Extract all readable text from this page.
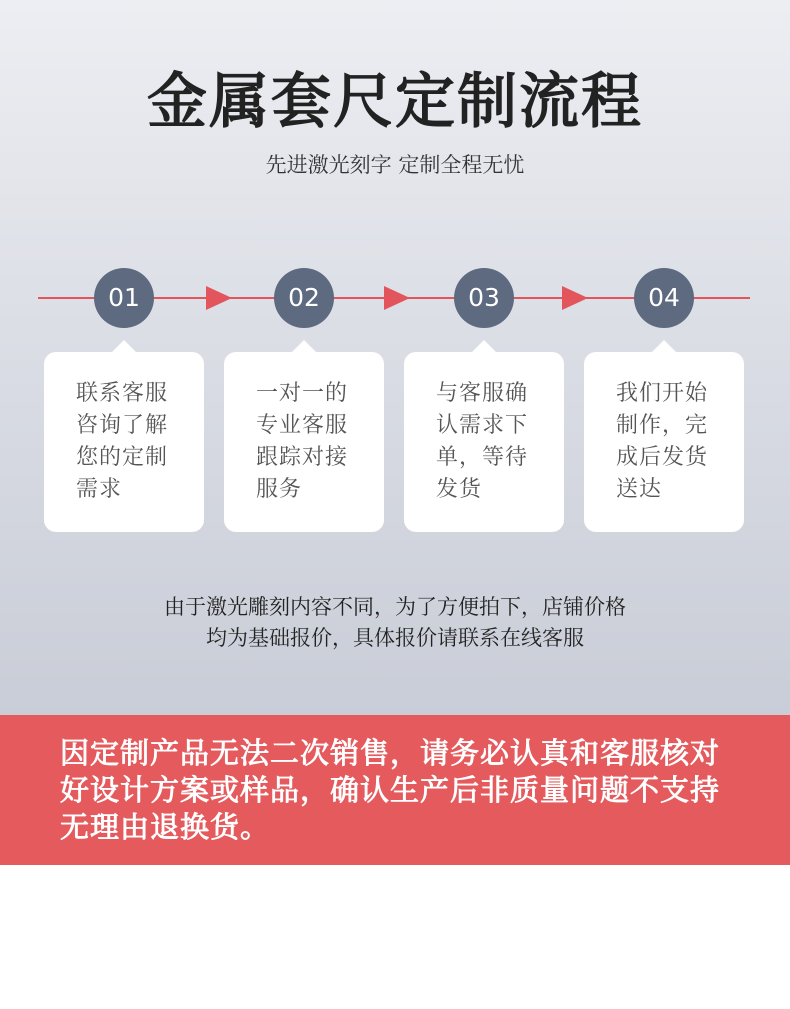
金属套尺定制流程
先进激光刻字 定制全程无忧
01	02	03	04
联系客服咨询了解您的定制需求
一对一的专业客服跟踪对接服务
与客服确认需求下单，等待发货
我们开始制作，完成后发货送达
由于激光雕刻内容不同，为了方便拍下，店铺价格
均为基础报价，具体报价请联系在线客服
因定制产品无法二次销售，请务必认真和客服核对好设计方案或样品，确认生产后非质量问题不支持无理由退换货。
